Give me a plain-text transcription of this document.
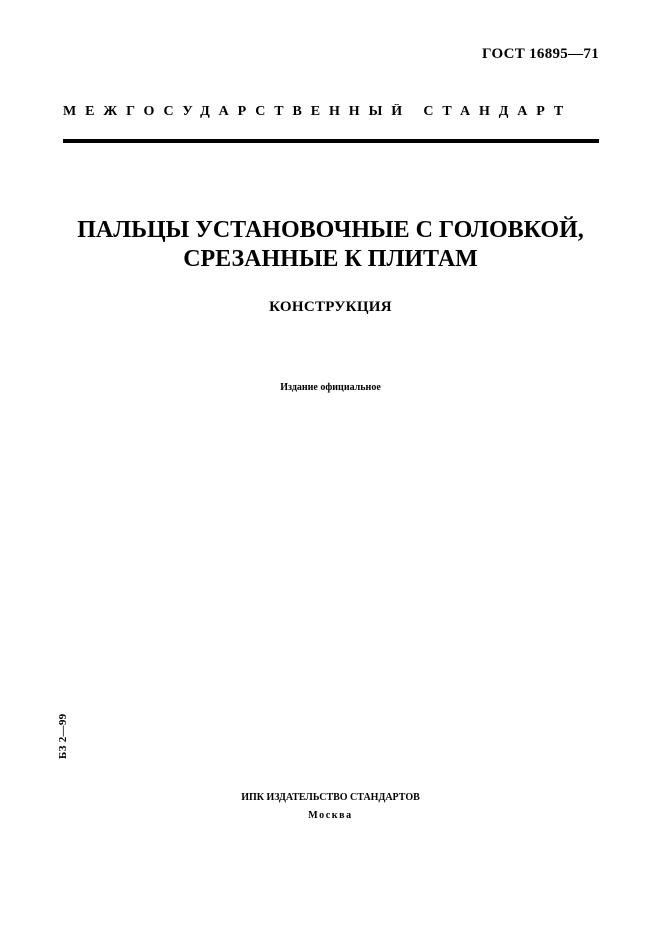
ГОСТ 16895—71
МЕЖГОСУДАРСТВЕННЫЙ СТАНДАРТ
ПАЛЬЦЫ УСТАНОВОЧНЫЕ С ГОЛОВКОЙ,
СРЕЗАННЫЕ К ПЛИТАМ
КОНСТРУКЦИЯ
Издание официальное
БЗ 2—99
ИПК ИЗДАТЕЛЬСТВО СТАНДАРТОВ
Москва
